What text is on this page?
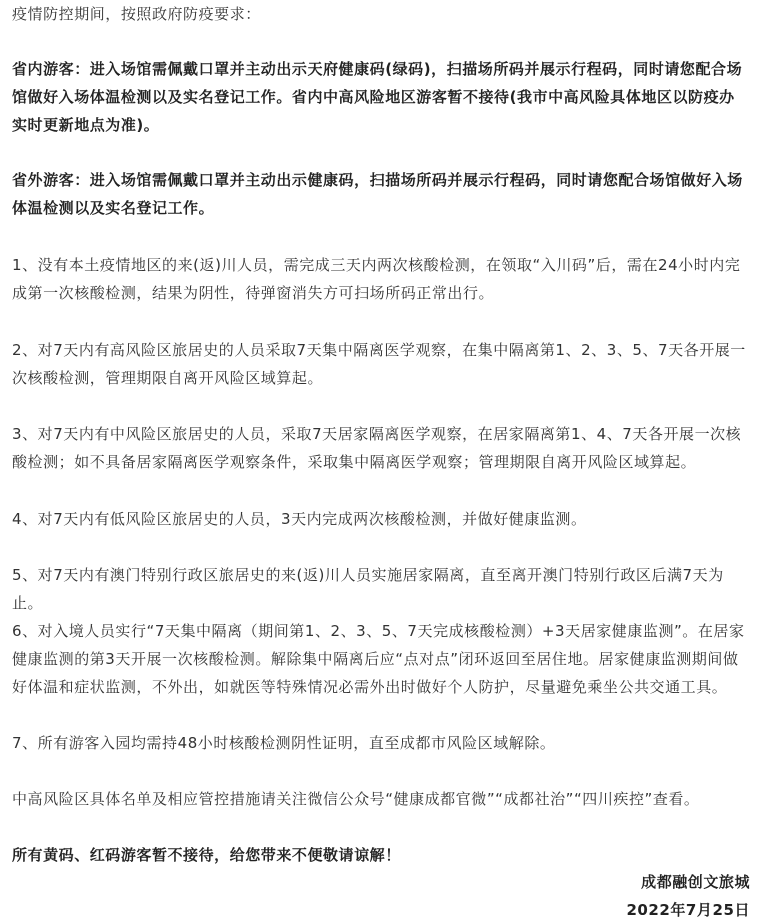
疫情防控期间，按照政府防疫要求：

省内游客：进入场馆需佩戴口罩并主动出示天府健康码(绿码)，扫描场所码并展示行程码，同时请您配合场馆做好入场体温检测以及实名登记工作。省内中高风险地区游客暂不接待(我市中高风险具体地区以防疫办实时更新地点为准)。

省外游客：进入场馆需佩戴口罩并主动出示健康码，扫描场所码并展示行程码，同时请您配合场馆做好入场体温检测以及实名登记工作。

1、没有本土疫情地区的来(返)川人员，需完成三天内两次核酸检测，在领取“入川码”后，需在24小时内完成第一次核酸检测，结果为阴性，待弹窗消失方可扫场所码正常出行。

2、对7天内有高风险区旅居史的人员采取7天集中隔离医学观察，在集中隔离第1、2、3、5、7天各开展一次核酸检测，管理期限自离开风险区域算起。

3、对7天内有中风险区旅居史的人员，采取7天居家隔离医学观察，在居家隔离第1、4、7天各开展一次核酸检测；如不具备居家隔离医学观察条件，采取集中隔离医学观察；管理期限自离开风险区域算起。

4、对7天内有低风险区旅居史的人员，3天内完成两次核酸检测，并做好健康监测。

5、对7天内有澳门特别行政区旅居史的来(返)川人员实施居家隔离，直至离开澳门特别行政区后满7天为止。

6、对入境人员实行“7天集中隔离（期间第1、2、3、5、7天完成核酸检测）+3天居家健康监测”。在居家健康监测的第3天开展一次核酸检测。解除集中隔离后应“点对点”闭环返回至居住地。居家健康监测期间做好体温和症状监测，不外出，如就医等特殊情况必需外出时做好个人防护，尽量避免乘坐公共交通工具。

7、所有游客入园均需持48小时核酸检测阴性证明，直至成都市风险区域解除。

中高风险区具体名单及相应管控措施请关注微信公众号“健康成都官微”“成都社治”“四川疾控”查看。

所有黄码、红码游客暂不接待，给您带来不便敬请谅解！

成都融创文旅城
2022年7月25日
